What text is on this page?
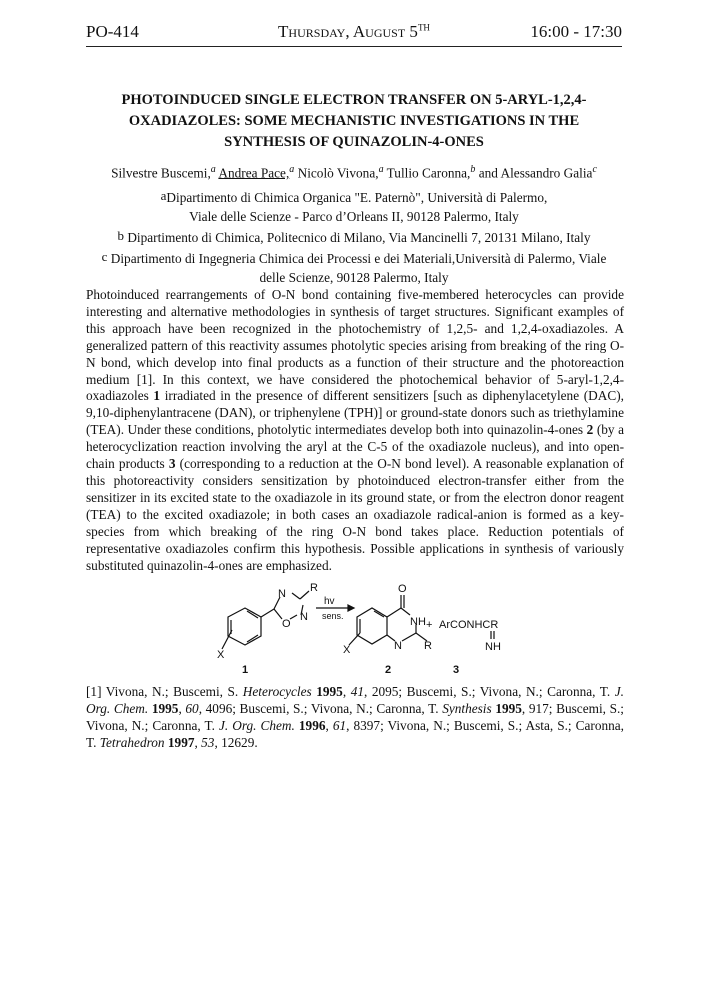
PO-414	Thursday, August 5TH	16:00 - 17:30
PHOTOINDUCED SINGLE ELECTRON TRANSFER ON 5-ARYL-1,2,4-
OXADIAZOLES: SOME MECHANISTIC INVESTIGATIONS IN THE
SYNTHESIS OF QUINAZOLIN-4-ONES
Silvestre Buscemi,$^a$ Andrea Pace,$^a$ Nicolò Vivona,$^a$ Tullio Caronna,$^b$ and Alessandro Galia$^c$
$^a$Dipartimento di Chimica Organica "E. Paternò", Università di Palermo,
Viale delle Scienze - Parco d’Orleans II, 90128 Palermo, Italy
$^b$ Dipartimento di Chimica, Politecnico di Milano, Via Mancinelli 7, 20131 Milano, Italy
$^c$ Dipartimento di Ingegneria Chimica dei Processi e dei Materiali,Università di Palermo, Viale
delle Scienze, 90128 Palermo, Italy
Photoinduced rearrangements of O-N bond containing five-membered heterocycles can provide interesting and alternative methodologies in synthesis of target structures. Significant examples of this approach have been recognized in the photochemistry of 1,2,5- and 1,2,4-oxadiazoles. A generalized pattern of this reactivity assumes photolytic species arising from breaking of the ring O-N bond, which develop into final products as a function of their structure and the photoreaction medium [1]. In this context, we have considered the photochemical behavior of 5-aryl-1,2,4-oxadiazoles 1 irradiated in the presence of different sensitizers [such as diphenylacetylene (DAC), 9,10-diphenylantracene (DAN), or triphenylene (TPH)] or ground-state donors such as triethylamine (TEA). Under these conditions, photolytic intermediates develop both into quinazolin-4-ones 2 (by a heterocyclization reaction involving the aryl at the C-5 of the oxadiazole nucleus), and into open-chain products 3 (corresponding to a reduction at the O-N bond level). A reasonable explanation of this photoreactivity considers sensitization by photoinduced electron-transfer either from the sensitizer in its excited state to the oxadiazole in its ground state, or from the electron donor reagent (TEA) to the excited oxadiazole; in both cases an oxadiazole radical-anion is formed as a key-species from which breaking of the ring O-N bond takes place. Reduction potentials of representative oxadiazoles confirm this hypothesis. Possible applications in synthesis of variously substituted quinazolin-4-ones are emphasized.
N R
N
O
X
hv
sens.
O
NH
N R
X
+ ArCONHCR
NH
1	2	3
[1] Vivona, N.; Buscemi, S. Heterocycles 1995, 41, 2095; Buscemi, S.; Vivona, N.; Caronna, T. J. Org. Chem. 1995, 60, 4096; Buscemi, S.; Vivona, N.; Caronna, T. Synthesis 1995, 917; Buscemi, S.; Vivona, N.; Caronna, T. J. Org. Chem. 1996, 61, 8397; Vivona, N.; Buscemi, S.; Asta, S.; Caronna, T. Tetrahedron 1997, 53, 12629.
